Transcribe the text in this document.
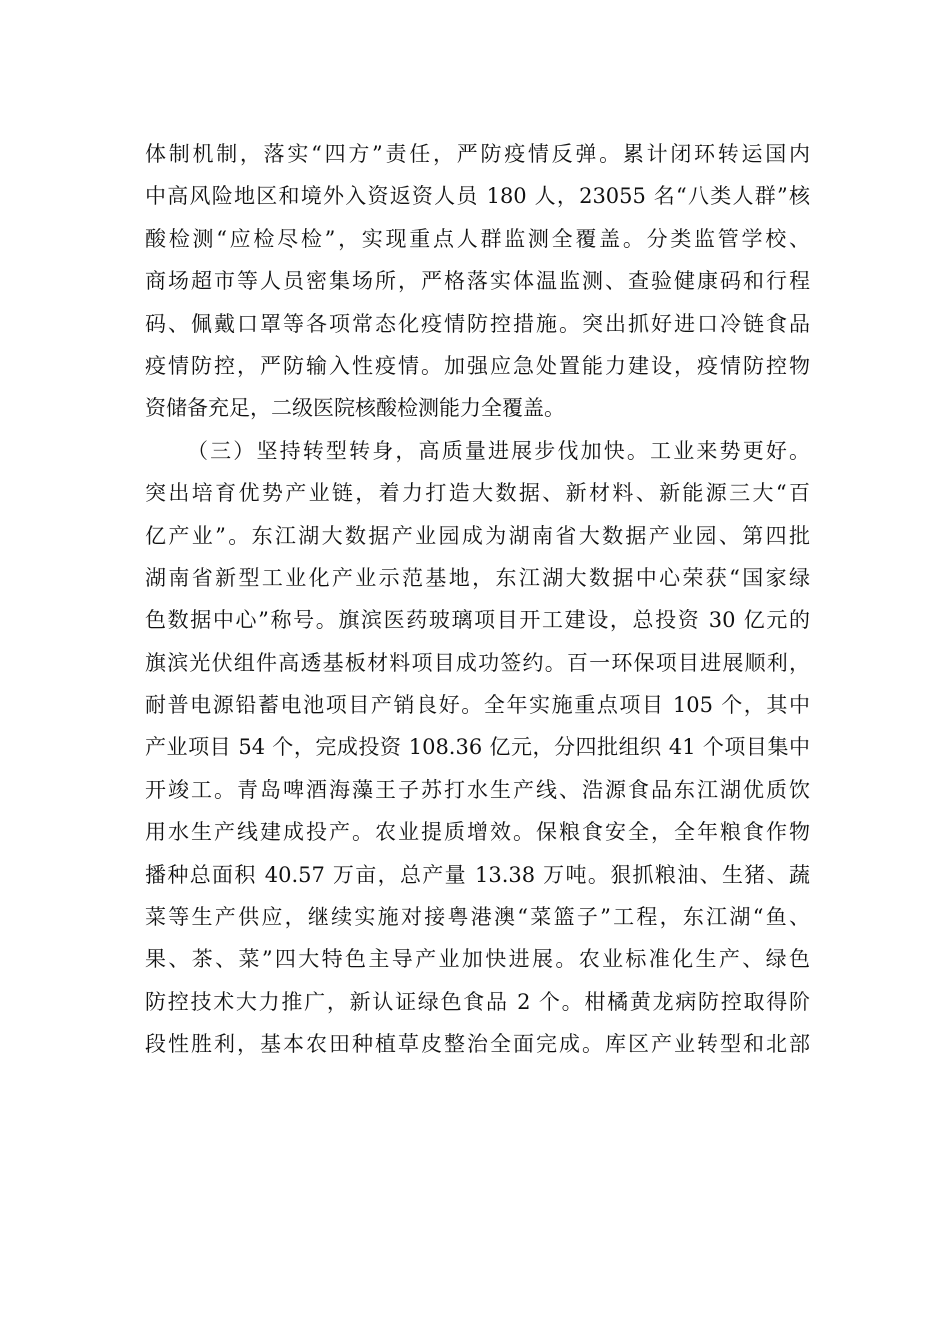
体制机制，落实“四方”责任，严防疫情反弹。累计闭环转运国内
中高风险地区和境外入资返资人员 180 人，23055 名“八类人群”核
酸检测“应检尽检”，实现重点人群监测全覆盖。分类监管学校、
商场超市等人员密集场所，严格落实体温监测、查验健康码和行程
码、佩戴口罩等各项常态化疫情防控措施。突出抓好进口冷链食品
疫情防控，严防输入性疫情。加强应急处置能力建设，疫情防控物
资储备充足，二级医院核酸检测能力全覆盖。
（三）坚持转型转身，高质量进展步伐加快。工业来势更好。
突出培育优势产业链，着力打造大数据、新材料、新能源三大“百
亿产业”。东江湖大数据产业园成为湖南省大数据产业园、第四批
湖南省新型工业化产业示范基地，东江湖大数据中心荣获“国家绿
色数据中心”称号。旗滨医药玻璃项目开工建设，总投资 30 亿元的
旗滨光伏组件高透基板材料项目成功签约。百一环保项目进展顺利，
耐普电源铅蓄电池项目产销良好。全年实施重点项目 105 个，其中
产业项目 54 个，完成投资 108.36 亿元，分四批组织 41 个项目集中
开竣工。青岛啤酒海藻王子苏打水生产线、浩源食品东江湖优质饮
用水生产线建成投产。农业提质增效。保粮食安全，全年粮食作物
播种总面积 40.57 万亩，总产量 13.38 万吨。狠抓粮油、生猪、蔬
菜等生产供应，继续实施对接粤港澳“菜篮子”工程，东江湖“鱼、
果、茶、菜”四大特色主导产业加快进展。农业标准化生产、绿色
防控技术大力推广，新认证绿色食品 2 个。柑橘黄龙病防控取得阶
段性胜利，基本农田种植草皮整治全面完成。库区产业转型和北部
